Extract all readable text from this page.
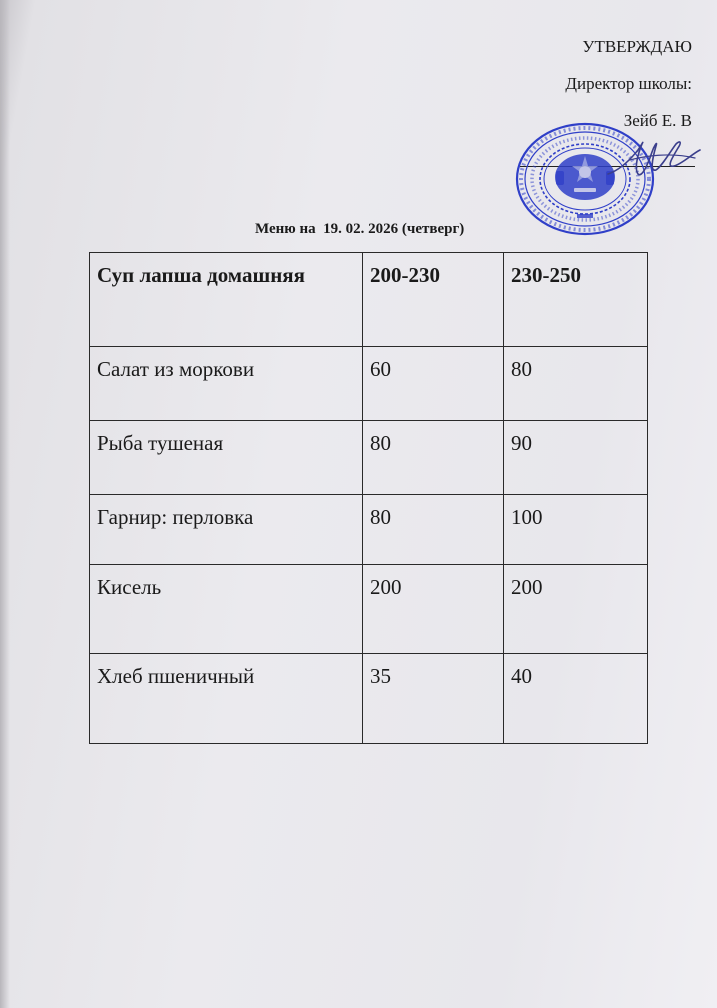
УТВЕРЖДАЮ
Директор школы:
Зейб Е. В
Меню на  19. 02. 2026 (четверг)
Суп лапша домашняя	200-230	230-250
Салат из моркови	60	80
Рыба тушеная	80	90
Гарнир: перловка	80	100
Кисель	200	200
Хлеб пшеничный	35	40
